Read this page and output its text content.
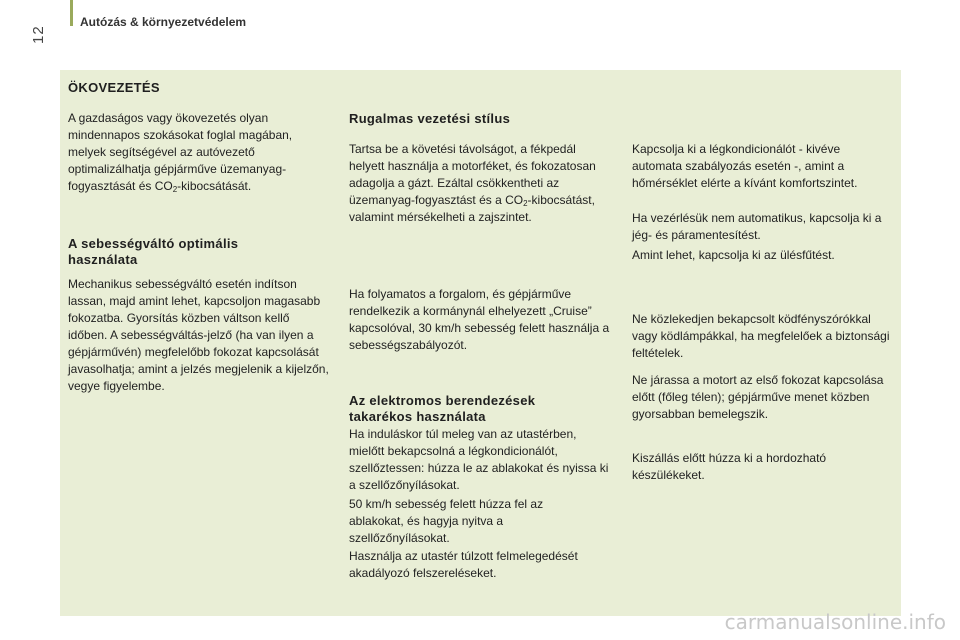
Autózás & környezetvédelem
12
ÖKOVEZETÉS

A gazdaságos vagy ökovezetés olyan mindennapos szokásokat foglal magában, melyek segítségével az autóvezető optimalizálhatja gépjárműve üzemanyag-fogyasztását és $CO_2$-kibocsátását.

A sebességváltó optimális
használata

Mechanikus sebességváltó esetén indítson lassan, majd amint lehet, kapcsoljon magasabb fokozatba. Gyorsítás közben váltson kellő időben. A sebességváltás-jelző (ha van ilyen a gépjárművén) megfelelőbb fokozat kapcsolását javasolhatja; amint a jelzés megjelenik a kijelzőn, vegye figyelembe.

Rugalmas vezetési stílus

Tartsa be a követési távolságot, a fékpedál helyett használja a motorféket, és fokozatosan adagolja a gázt. Ezáltal csökkentheti az üzemanyag-fogyasztást és a $CO_2$-kibocsátást, valamint mérsékelheti a zajszintet.

Ha folyamatos a forgalom, és gépjárműve rendelkezik a kormánynál elhelyezett „Cruise” kapcsolóval, 30 km/h sebesség felett használja a sebességszabályozót.

Az elektromos berendezések
takarékos használata

Ha induláskor túl meleg van az utastérben, mielőtt bekapcsolná a légkondicionálót, szellőztessen: húzza le az ablakokat és nyissa ki a szellőzőnyílásokat.

50 km/h sebesség felett húzza fel az ablakokat, és hagyja nyitva a szellőzőnyílásokat.

Használja az utastér túlzott felmelegedését akadályozó felszereléseket.

Kapcsolja ki a légkondicionálót - kivéve automata szabályozás esetén -, amint a hőmérséklet elérte a kívánt komfortszintet.

Ha vezérlésük nem automatikus, kapcsolja ki a jég- és páramentesítést.

Amint lehet, kapcsolja ki az ülésfűtést.

Ne közlekedjen bekapcsolt ködfényszórókkal vagy ködlámpákkal, ha megfelelőek a biztonsági feltételek.

Ne járassa a motort az első fokozat kapcsolása előtt (főleg télen); gépjárműve menet közben gyorsabban bemelegszik.

Kiszállás előtt húzza ki a hordozható készülékeket.

carmanualsonline.info
